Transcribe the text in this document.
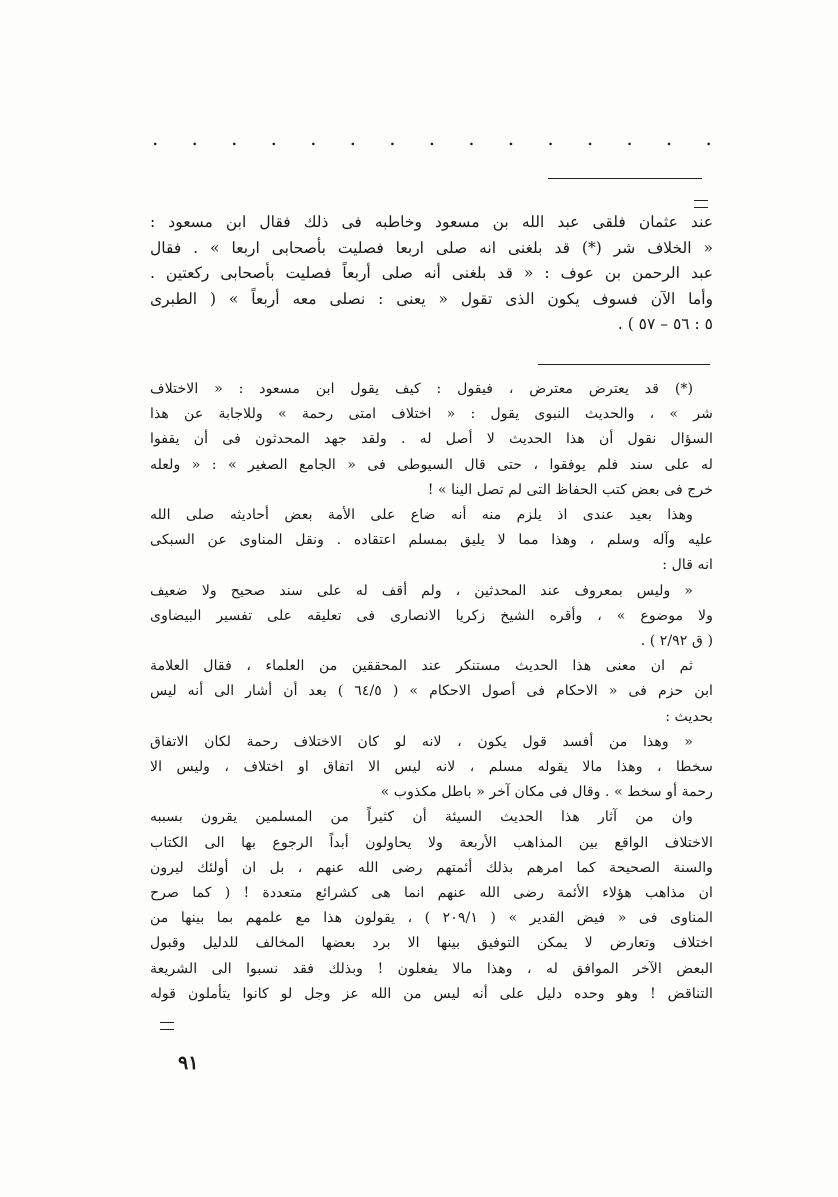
. . . . . . . . . . . . . . .
عند عثمان فلقى عبد الله بن مسعود وخاطبه فى ذلك فقال ابن مسعود :
« الخلاف شر (*) قد بلغنى انه صلى اربعا فصليت بأصحابى اربعا » . فقال
عبد الرحمن بن عوف : « قد بلغنى أنه صلى أربعاً فصليت بأصحابى ركعتين .
وأما الآن فسوف يكون الذى تقول « يعنى : نصلى معه أربعاً » ( الطبرى
٥ : ٥٦ – ٥٧ ) .
(*) قد يعترض معترض ، فيقول : كيف يقول ابن مسعود : « الاختلاف
شر » ، والحديث النبوى يقول : « اختلاف امتى رحمة » وللاجابة عن هذا
السؤال نقول أن هذا الحديث لا أصل له . ولقد جهد المحدثون فى أن يقفوا
له على سند فلم يوفقوا ، حتى قال السيوطى فى « الجامع الصغير » : « ولعله
خرج فى بعض كتب الحفاظ التى لم تصل الينا » !
وهذا بعيد عندى اذ يلزم منه أنه ضاع على الأمة بعض أحاديثه صلى الله
عليه وآله وسلم ، وهذا مما لا يليق بمسلم اعتقاده . ونقل المناوى عن السبكى
انه قال :
« وليس بمعروف عند المحدثين ، ولم أقف له على سند صحيح ولا ضعيف
ولا موضوع » ، وأقره الشيخ زكريا الانصارى فى تعليقه على تفسير البيضاوى
( ق ٢/٩٢ ) .
ثم ان معنى هذا الحديث مستنكر عند المحققين من العلماء ، فقال العلامة
ابن حزم فى « الاحكام فى أصول الاحكام » ( ٦٤/٥ ) بعد أن أشار الى أنه ليس
بحديث :
« وهذا من أفسد قول يكون ، لانه لو كان الاختلاف رحمة لكان الاتفاق
سخطا ، وهذا مالا يقوله مسلم ، لانه ليس الا اتفاق او اختلاف ، وليس الا
رحمة أو سخط » . وقال فى مكان آخر « باطل مكذوب »
وان من آثار هذا الحديث السيئة أن كثيراً من المسلمين يقرون بسببه
الاختلاف الواقع بين المذاهب الأربعة ولا يحاولون أبداً الرجوع بها الى الكتاب
والسنة الصحيحة كما امرهم بذلك أئمتهم رضى الله عنهم ، بل ان أولئك ليرون
ان مذاهب هؤلاء الأئمة رضى الله عنهم انما هى كشرائع متعددة ! ( كما صرح
المناوى فى « فيض القدير » ( ٢٠٩/١ ) ، يقولون هذا مع علمهم بما بينها من
اختلاف وتعارض لا يمكن التوفيق بينها الا برد بعضها المخالف للدليل وقبول
البعض الآخر الموافق له ، وهذا مالا يفعلون ! وبذلك فقد نسبوا الى الشريعة
التناقض ! وهو وحده دليل على أنه ليس من الله عز وجل لو كانوا يتأملون قوله
٩١
